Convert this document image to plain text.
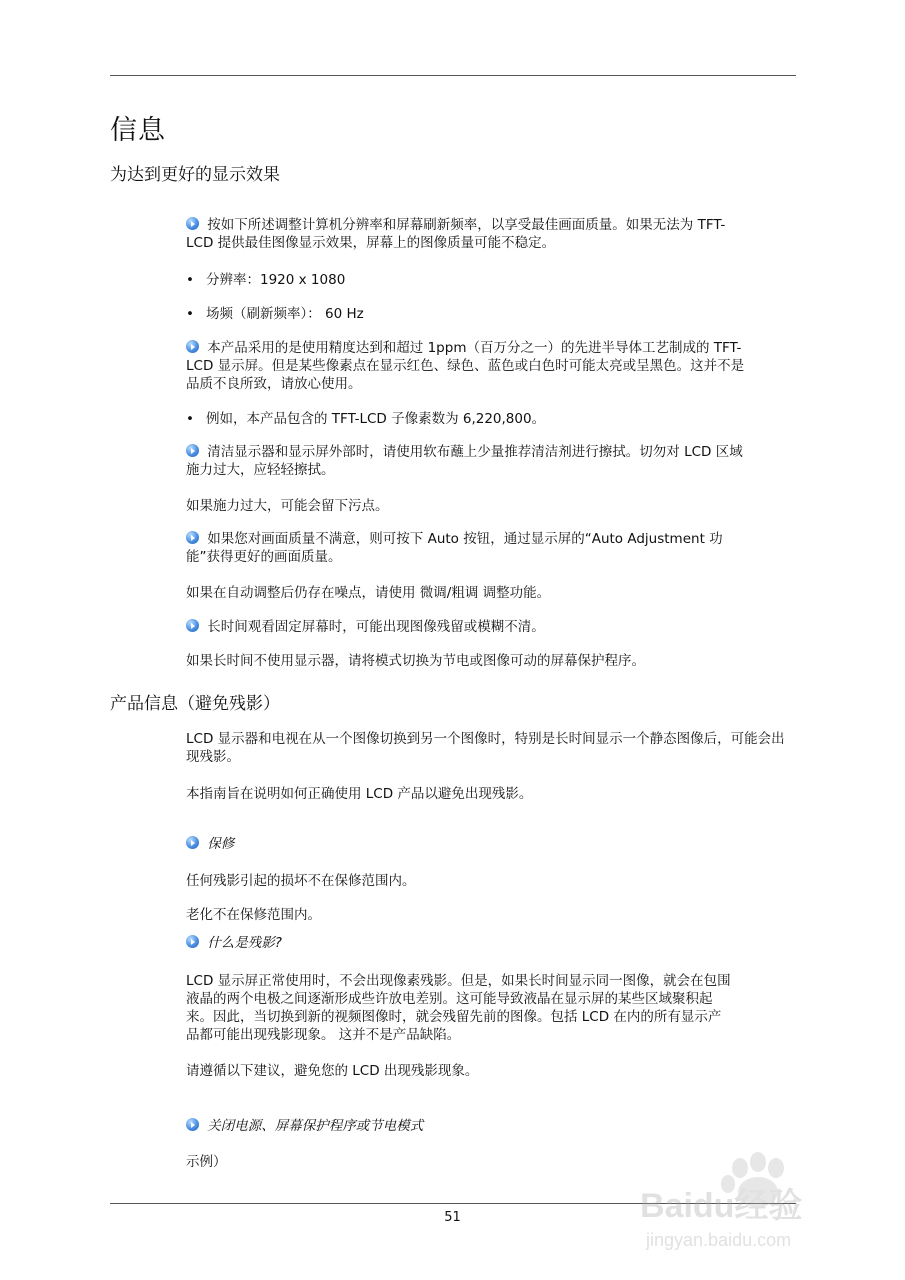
信息
为达到更好的显示效果

按如下所述调整计算机分辨率和屏幕刷新频率，以享受最佳画面质量。如果无法为 TFT-LCD 提供最佳图像显示效果，屏幕上的图像质量可能不稳定。

• 分辨率：1920 x 1080

• 场频（刷新频率）： 60 Hz

本产品采用的是使用精度达到和超过 1ppm（百万分之一）的先进半导体工艺制成的 TFT-LCD 显示屏。但是某些像素点在显示红色、绿色、蓝色或白色时可能太亮或呈黑色。这并不是品质不良所致，请放心使用。

• 例如，本产品包含的 TFT-LCD 子像素数为 6,220,800。

清洁显示器和显示屏外部时，请使用软布蘸上少量推荐清洁剂进行擦拭。切勿对 LCD 区域施力过大，应轻轻擦拭。

如果施力过大，可能会留下污点。

如果您对画面质量不满意，则可按下 Auto 按钮，通过显示屏的“Auto Adjustment 功能”获得更好的画面质量。

如果在自动调整后仍存在噪点，请使用 微调/粗调 调整功能。

长时间观看固定屏幕时，可能出现图像残留或模糊不清。

如果长时间不使用显示器，请将模式切换为节电或图像可动的屏幕保护程序。

产品信息（避免残影）

LCD 显示器和电视在从一个图像切换到另一个图像时，特别是长时间显示一个静态图像后，可能会出现残影。

本指南旨在说明如何正确使用 LCD 产品以避免出现残影。

保修

任何残影引起的损坏不在保修范围内。

老化不在保修范围内。

什么是残影?

LCD 显示屏正常使用时，不会出现像素残影。但是，如果长时间显示同一图像，就会在包围液晶的两个电极之间逐渐形成些许放电差别。这可能导致液晶在显示屏的某些区域聚积起来。因此，当切换到新的视频图像时，就会残留先前的图像。包括 LCD 在内的所有显示产品都可能出现残影现象。 这并不是产品缺陷。

请遵循以下建议，避免您的 LCD 出现残影现象。

关闭电源、屏幕保护程序或节电模式

示例）

51	Baidu经验
jingyan.baidu.com
